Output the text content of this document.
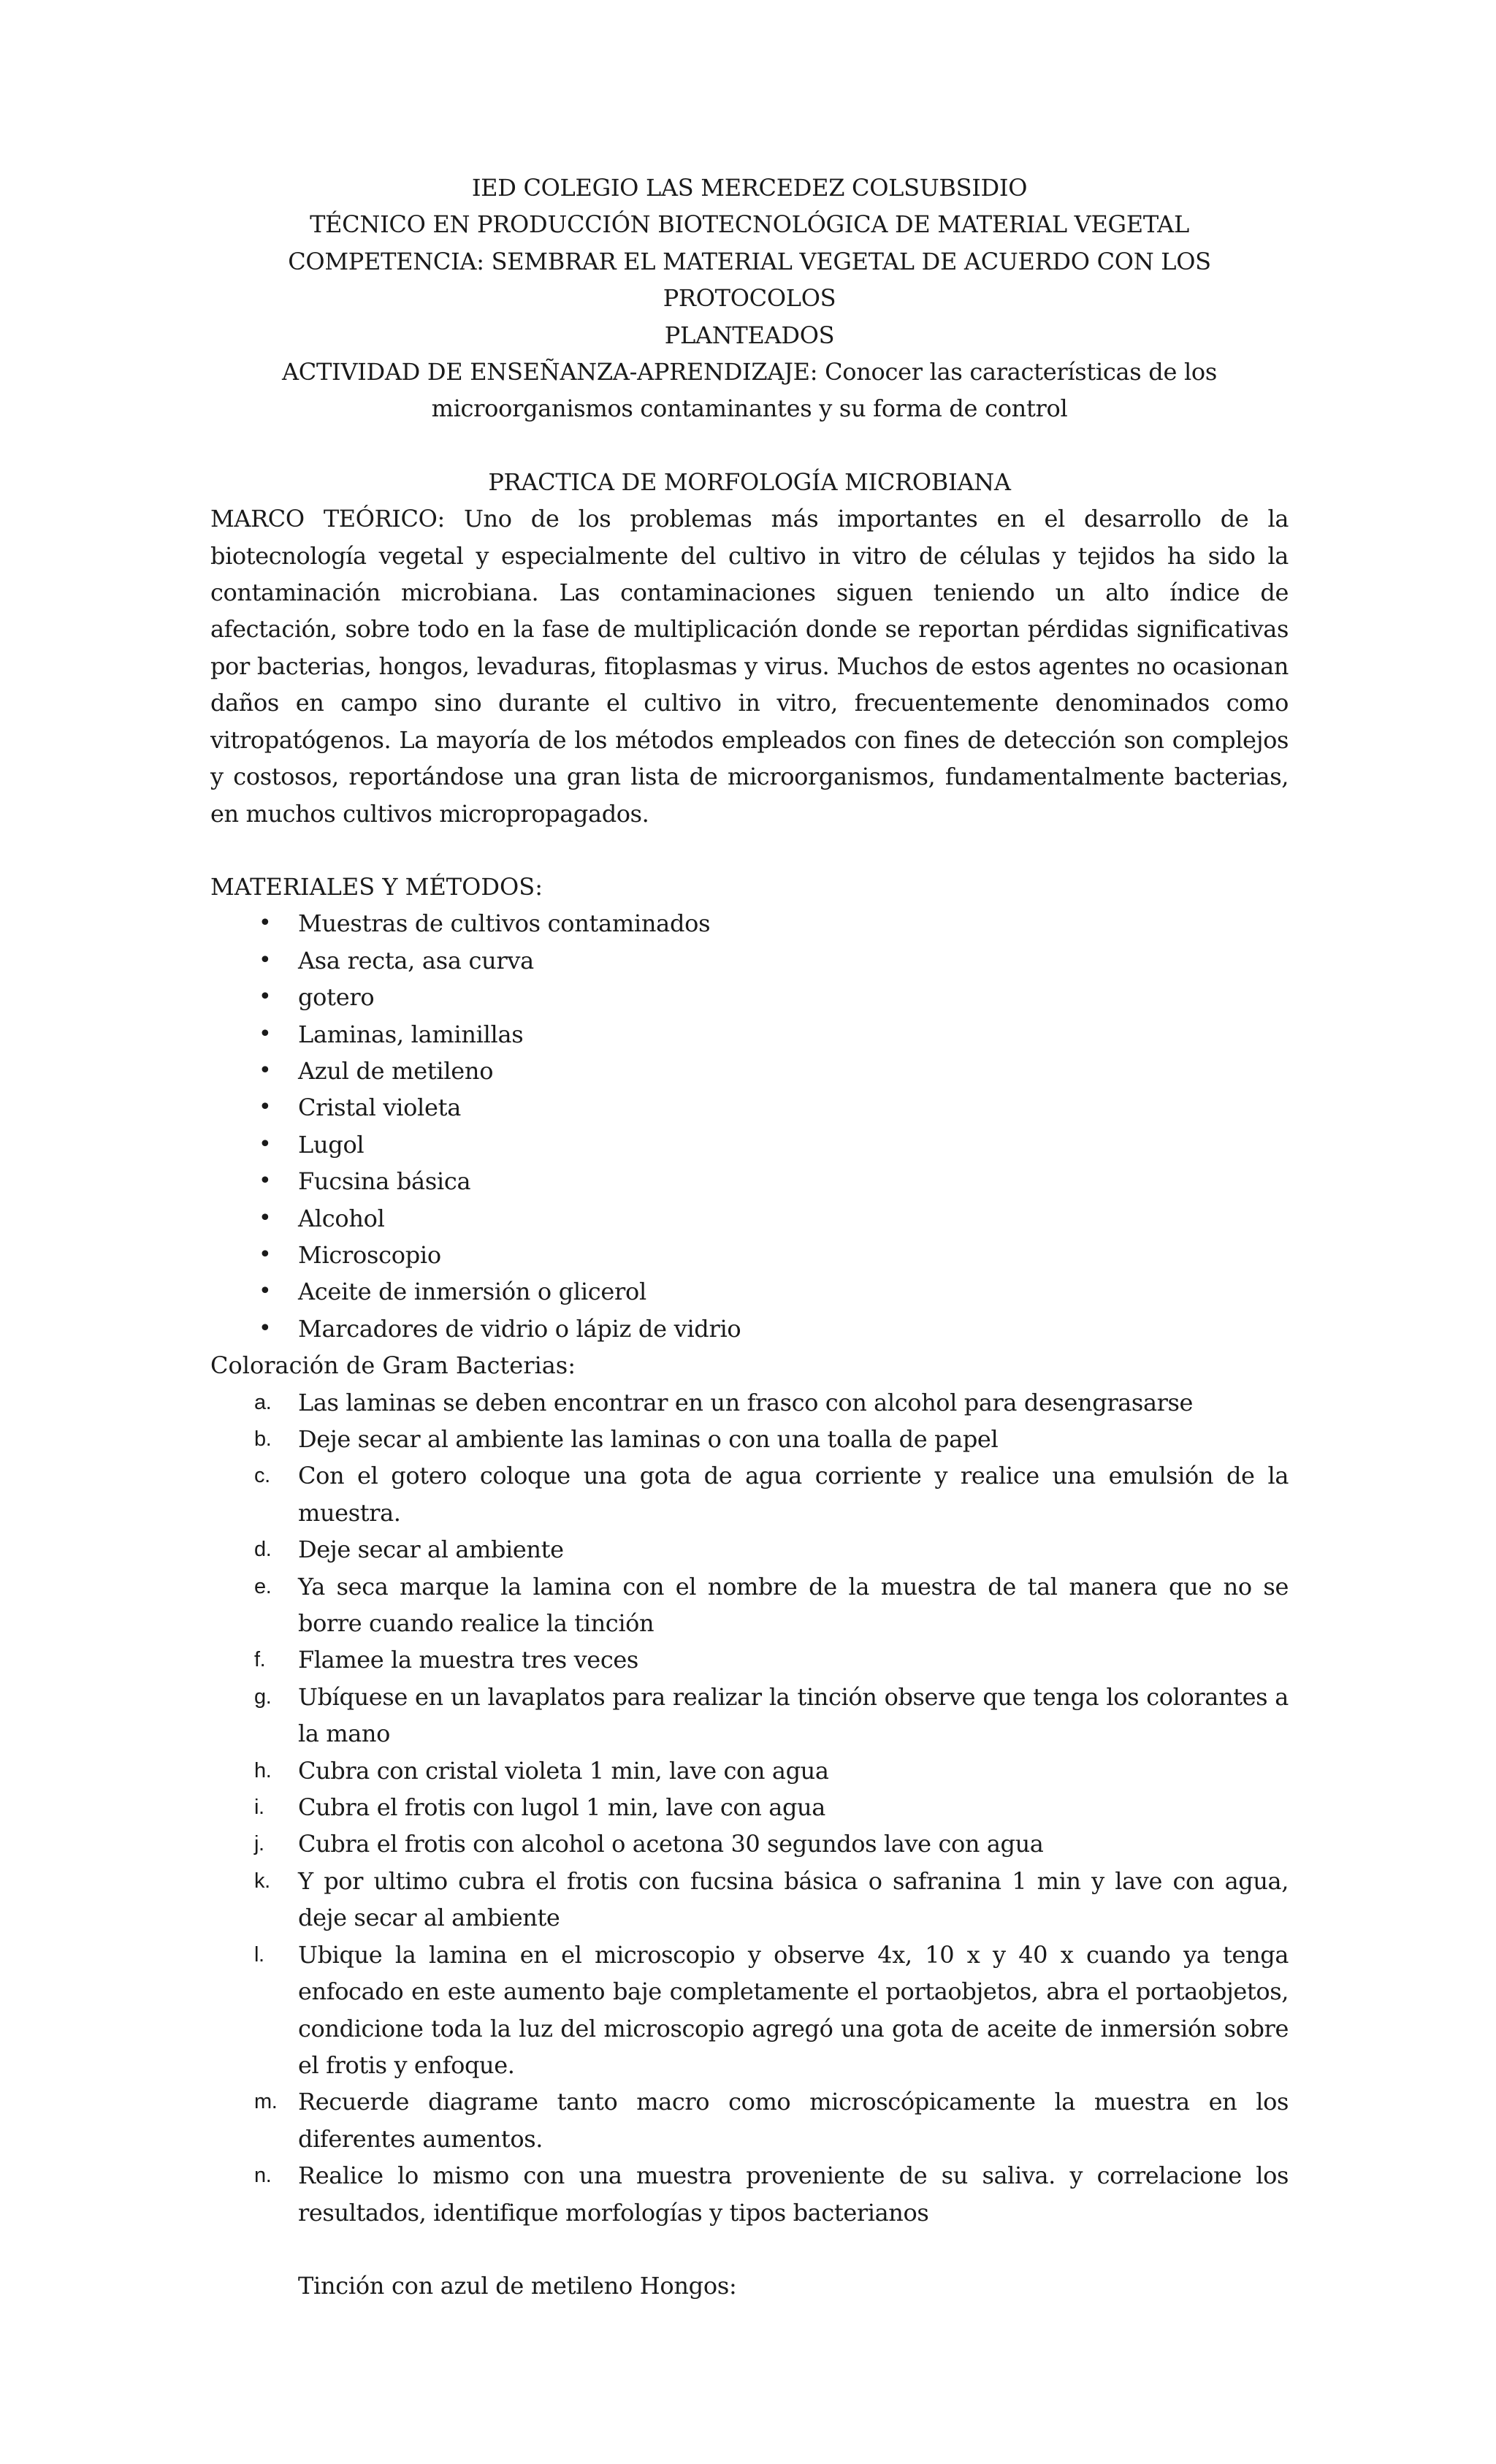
IED COLEGIO LAS MERCEDEZ COLSUBSIDIO
TÉCNICO EN PRODUCCIÓN BIOTECNOLÓGICA DE MATERIAL VEGETAL
COMPETENCIA: SEMBRAR EL MATERIAL VEGETAL DE ACUERDO CON LOS PROTOCOLOS
PLANTEADOS
ACTIVIDAD DE ENSEÑANZA-APRENDIZAJE: Conocer las características de los
microorganismos contaminantes y su forma de control
PRACTICA DE MORFOLOGÍA MICROBIANA

MARCO TEÓRICO: Uno de los problemas más importantes en el desarrollo de la biotecnología vegetal y especialmente del cultivo in vitro de células y tejidos ha sido la contaminación microbiana. Las contaminaciones siguen teniendo un alto índice de afectación, sobre todo en la fase de multiplicación donde se reportan pérdidas significativas por bacterias, hongos, levaduras, fitoplasmas y virus. Muchos de estos agentes no ocasionan daños en campo sino durante el cultivo in vitro, frecuentemente denominados como vitropatógenos. La mayoría de los métodos empleados con fines de detección son complejos y costosos, reportándose una gran lista de microorganismos, fundamentalmente bacterias, en muchos cultivos micropropagados.

MATERIALES Y MÉTODOS:
• Muestras de cultivos contaminados
• Asa recta, asa curva
• gotero
• Laminas, laminillas
• Azul de metileno
• Cristal violeta
• Lugol
• Fucsina básica
• Alcohol
• Microscopio
• Aceite de inmersión o glicerol
• Marcadores de vidrio o lápiz de vidrio
Coloración de Gram Bacterias:
a. Las laminas se deben encontrar en un frasco con alcohol para desengrasarse
b. Deje secar al ambiente las laminas o con una toalla de papel
c. Con el gotero coloque una gota de agua corriente y realice una emulsión de la muestra.
d. Deje secar al ambiente
e. Ya seca marque la lamina con el nombre de la muestra de tal manera que no se borre cuando realice la tinción
f. Flamee la muestra tres veces
g. Ubíquese en un lavaplatos para realizar la tinción observe que tenga los colorantes a la mano
h. Cubra con cristal violeta 1 min, lave con agua
i. Cubra el frotis con lugol 1 min, lave con agua
j. Cubra el frotis con alcohol o acetona 30 segundos lave con agua
k. Y por ultimo cubra el frotis con fucsina básica o safranina 1 min y lave con agua, deje secar al ambiente
l. Ubique la lamina en el microscopio y observe 4x, 10 x y 40 x cuando ya tenga enfocado en este aumento baje completamente el portaobjetos, abra el portaobjetos, condicione toda la luz del microscopio agregó una gota de aceite de inmersión sobre el frotis y enfoque.
m. Recuerde diagrame tanto macro como microscópicamente la muestra en los diferentes aumentos.
n. Realice lo mismo con una muestra proveniente de su saliva. y correlacione los resultados, identifique morfologías y tipos bacterianos
Tinción con azul de metileno Hongos:
